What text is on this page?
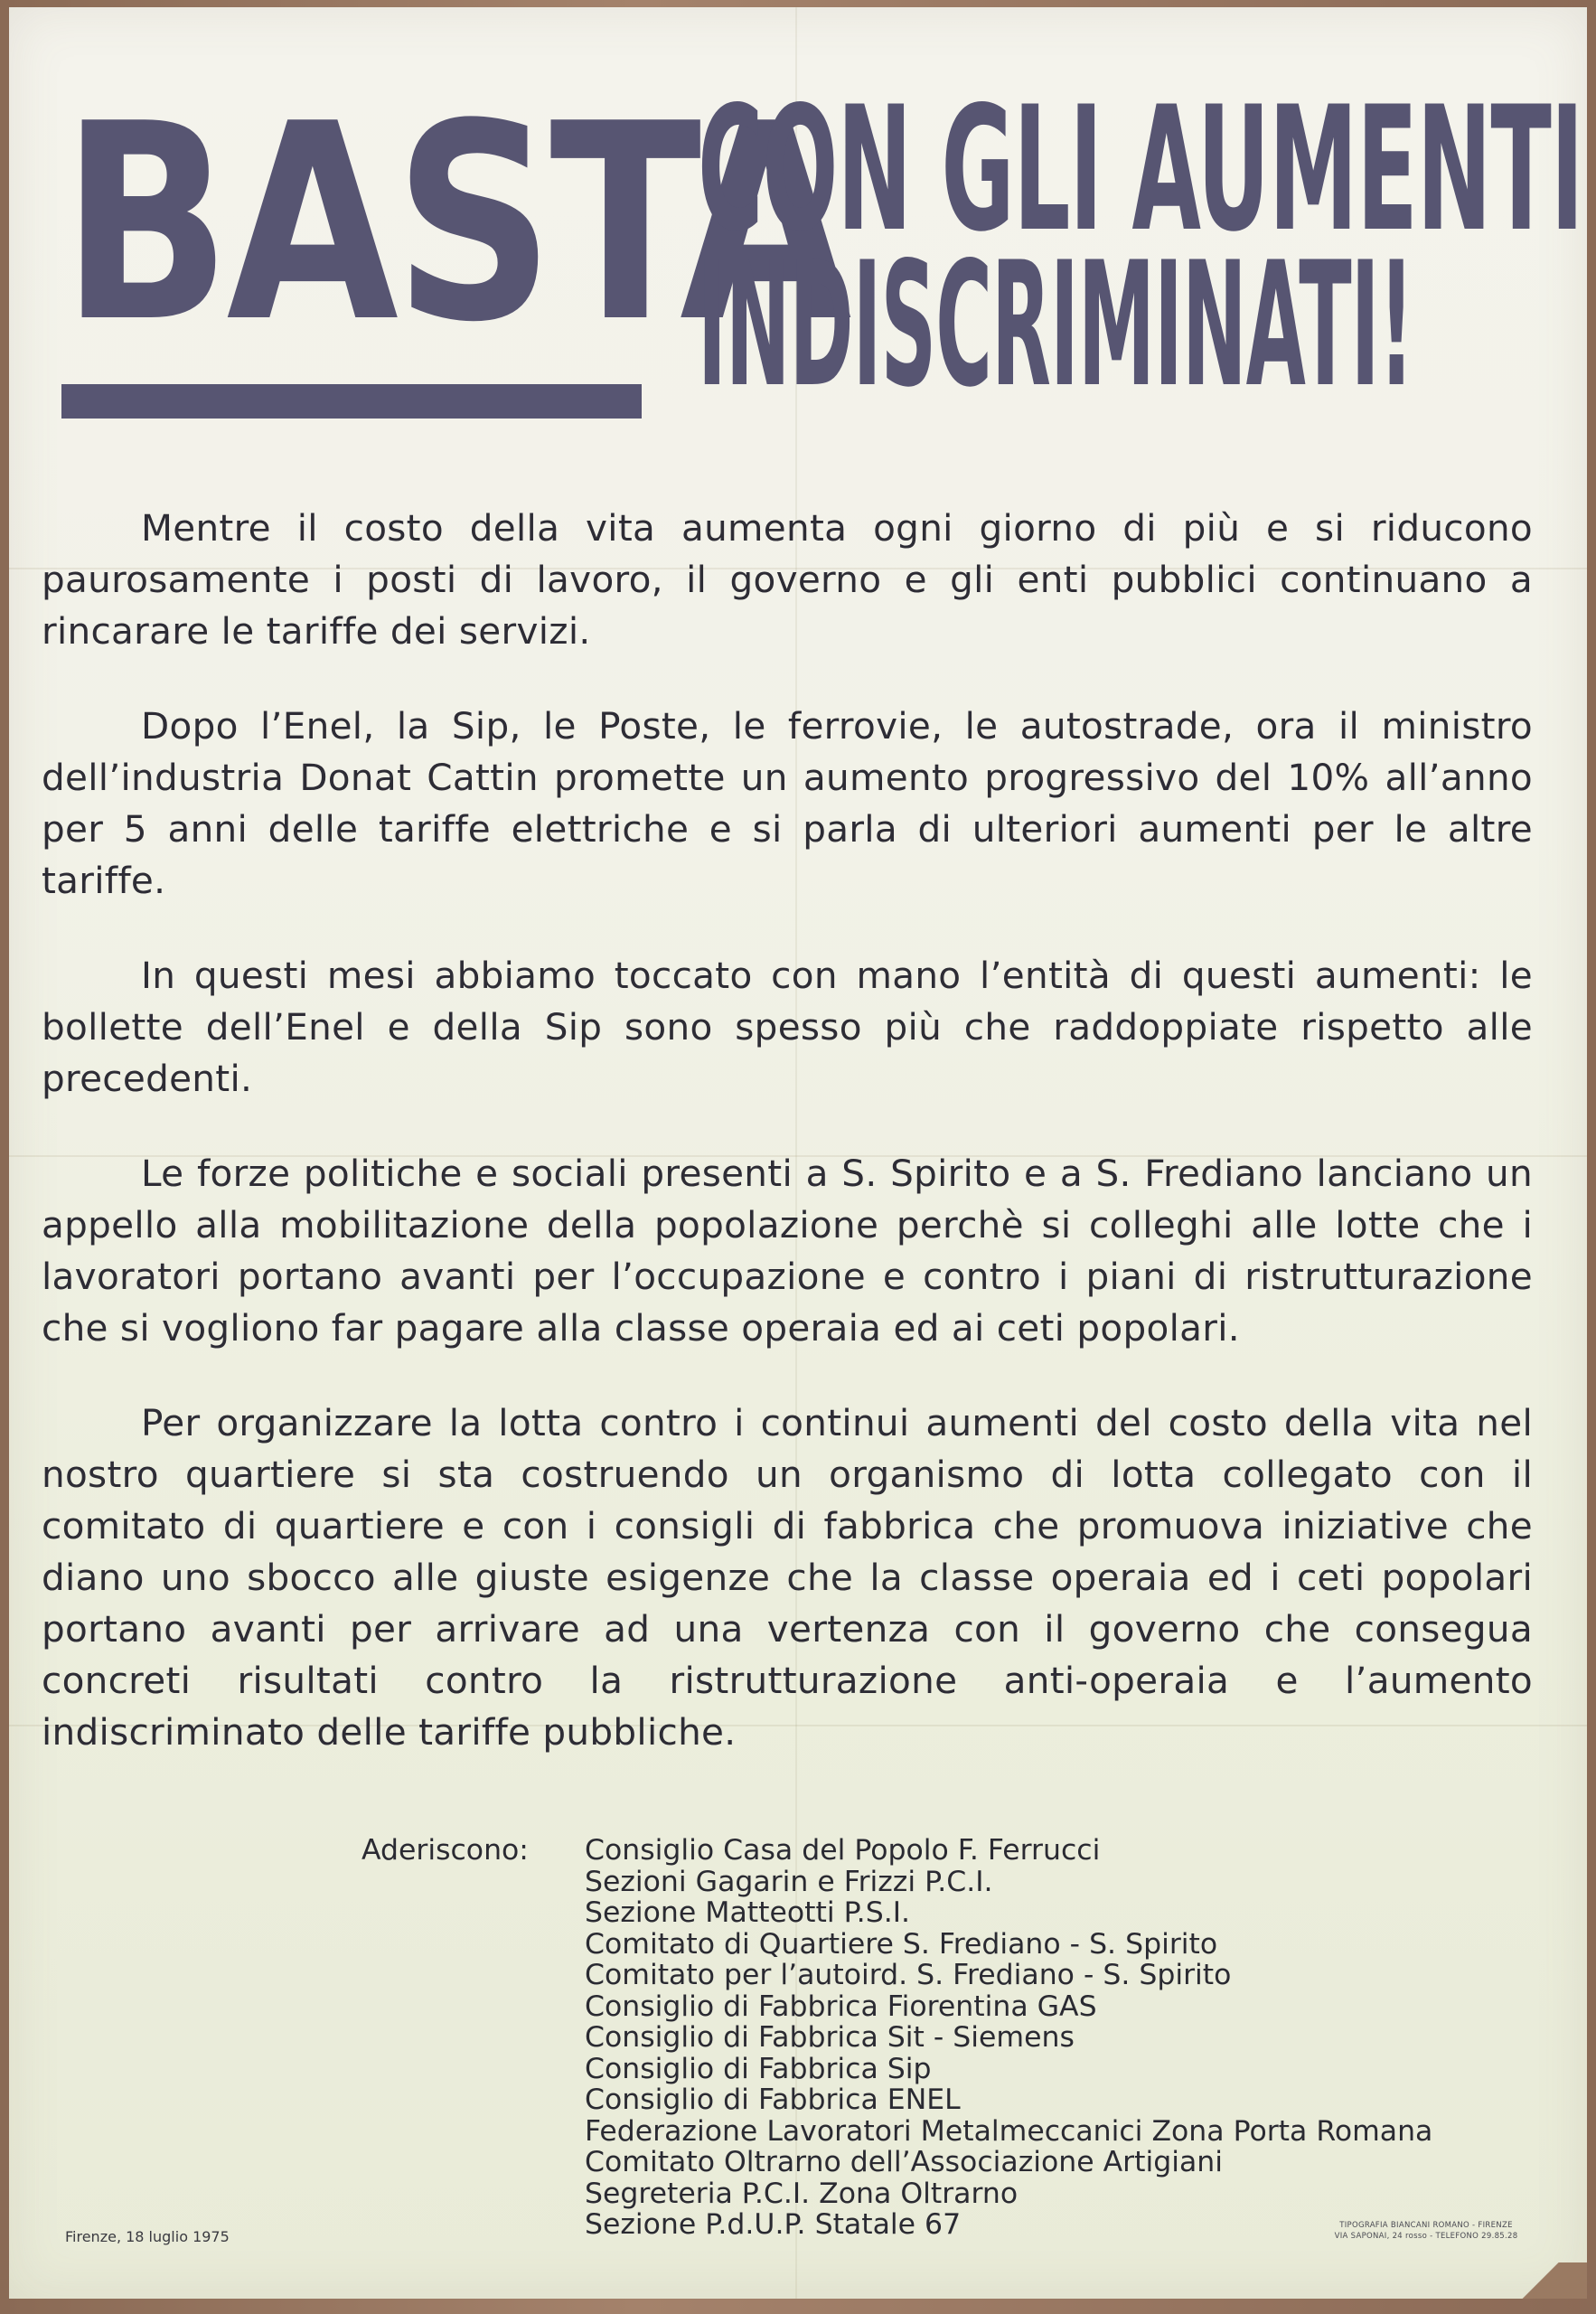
BASTA
CON GLI AUMENTI
INDISCRIMINATI!

Mentre il costo della vita aumenta ogni giorno di più e si riducono paurosamente i posti di lavoro, il governo e gli enti pubblici continuano a rincarare le tariffe dei servizi.

Dopo l’Enel, la Sip, le Poste, le ferrovie, le autostrade, ora il ministro dell’industria Donat Cattin promette un aumento progressivo del 10% all’anno per 5 anni delle tariffe elettriche e si parla di ulteriori aumenti per le altre tariffe.

In questi mesi abbiamo toccato con mano l’entità di questi aumenti: le bollette dell’Enel e della Sip sono spesso più che raddoppiate rispetto alle precedenti.

Le forze politiche e sociali presenti a S. Spirito e a S. Frediano lanciano un appello alla mobilitazione della popolazione perchè si colleghi alle lotte che i lavoratori portano avanti per l’occupazione e contro i piani di ristrutturazione che si vogliono far pagare alla classe operaia ed ai ceti popolari.

Per organizzare la lotta contro i continui aumenti del costo della vita nel nostro quartiere si sta costruendo un organismo di lotta collegato con il comitato di quartiere e con i consigli di fabbrica che promuova iniziative che diano uno sbocco alle giuste esigenze che la classe operaia ed i ceti popolari portano avanti per arrivare ad una vertenza con il governo che consegua concreti risultati contro la ristrutturazione anti-operaia e l’aumento indiscriminato delle tariffe pubbliche.

Aderiscono:	Consiglio Casa del Popolo F. Ferrucci
Sezioni Gagarin e Frizzi P.C.I.
Sezione Matteotti P.S.I.
Comitato di Quartiere S. Frediano - S. Spirito
Comitato per l’autoird. S. Frediano - S. Spirito
Consiglio di Fabbrica Fiorentina GAS
Consiglio di Fabbrica Sit - Siemens
Consiglio di Fabbrica Sip
Consiglio di Fabbrica ENEL
Federazione Lavoratori Metalmeccanici Zona Porta Romana
Comitato Oltrarno dell’Associazione Artigiani
Segreteria P.C.I. Zona Oltrarno
Sezione P.d.U.P. Statale 67
Firenze, 18 luglio 1975
TIPOGRAFIA BIANCANI ROMANO - FIRENZE
VIA SAPONAI, 24 rosso - TELEFONO 29.85.28
